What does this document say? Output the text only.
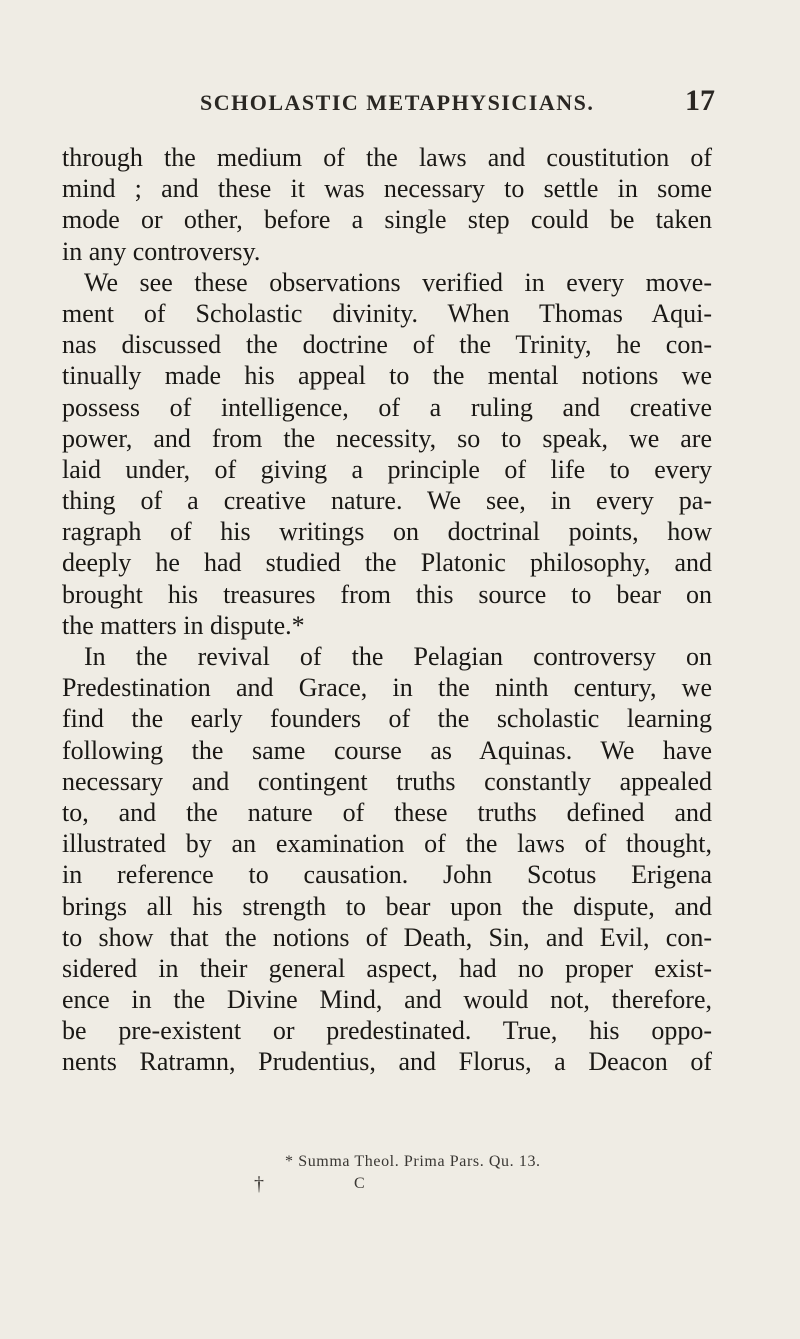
SCHOLASTIC METAPHYSICIANS.	17
through the medium of the laws and coustitution of
mind ; and these it was necessary to settle in some
mode or other, before a single step could be taken
in any controversy.
We see these observations verified in every move-
ment of Scholastic divinity. When Thomas Aqui-
nas discussed the doctrine of the Trinity, he con-
tinually made his appeal to the mental notions we
possess of intelligence, of a ruling and creative
power, and from the necessity, so to speak, we are
laid under, of giving a principle of life to every
thing of a creative nature. We see, in every pa-
ragraph of his writings on doctrinal points, how
deeply he had studied the Platonic philosophy, and
brought his treasures from this source to bear on
the matters in dispute.*
In the revival of the Pelagian controversy on
Predestination and Grace, in the ninth century, we
find the early founders of the scholastic learning
following the same course as Aquinas. We have
necessary and contingent truths constantly appealed
to, and the nature of these truths defined and
illustrated by an examination of the laws of thought,
in reference to causation. John Scotus Erigena
brings all his strength to bear upon the dispute, and
to show that the notions of Death, Sin, and Evil, con-
sidered in their general aspect, had no proper exist-
ence in the Divine Mind, and would not, therefore,
be pre-existent or predestinated. True, his oppo-
nents Ratramn, Prudentius, and Florus, a Deacon of
* Summa Theol. Prima Pars. Qu. 13.
†	C
